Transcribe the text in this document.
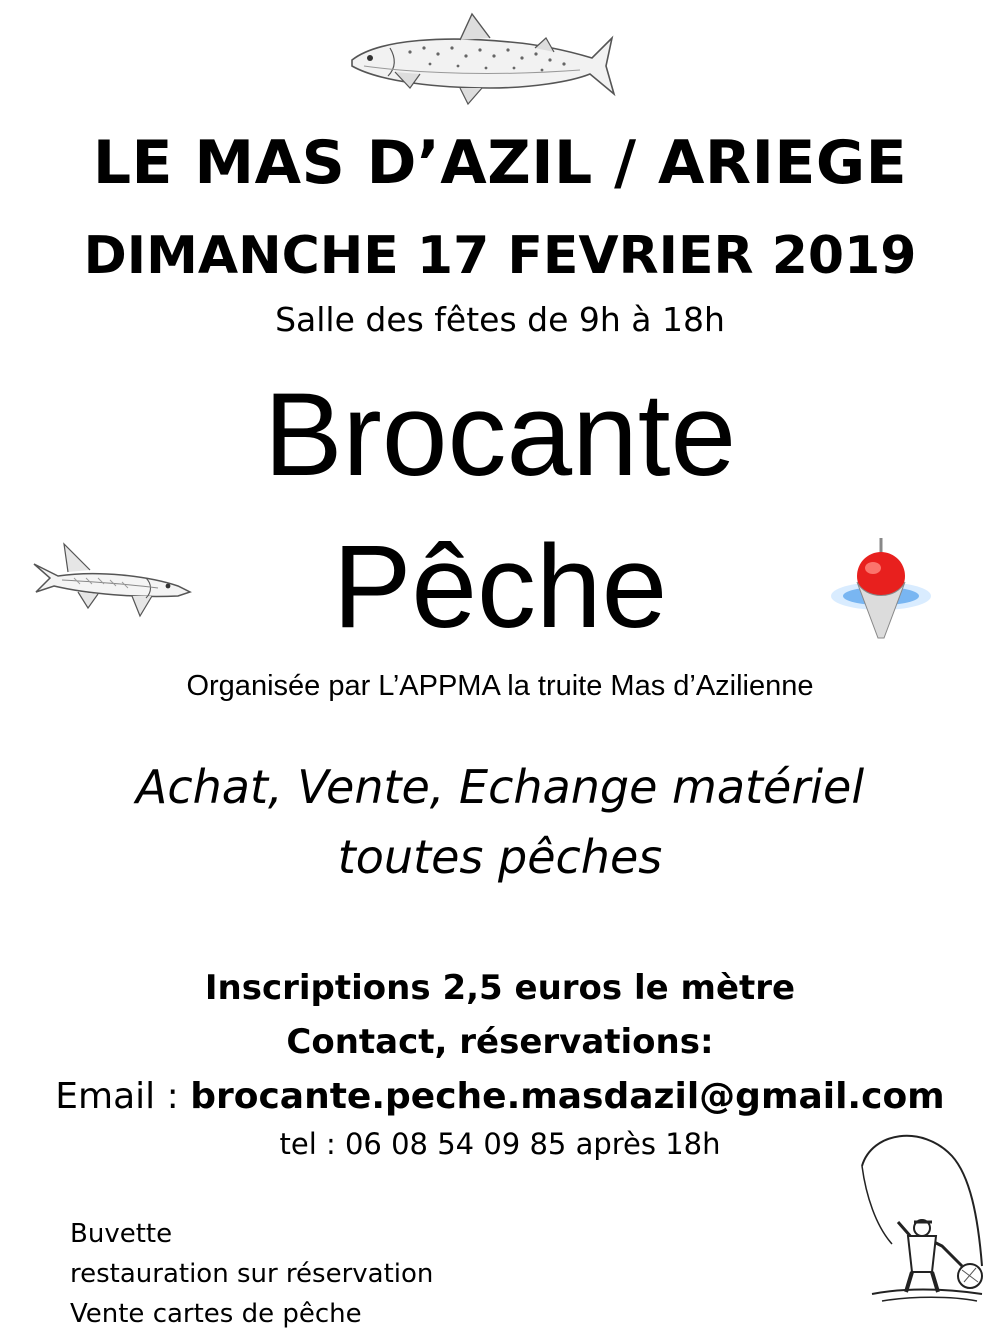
LE MAS D’AZIL / ARIEGE
DIMANCHE 17 FEVRIER 2019
Salle des fêtes de 9h à 18h
Brocante
Pêche
Organisée par L’APPMA la truite Mas d’Azilienne
Achat, Vente, Echange matériel
toutes pêches
Inscriptions 2,5 euros le mètre
Contact, réservations:
Email : brocante.peche.masdazil@gmail.com
tel : 06 08 54 09 85 après 18h
Buvette
restauration sur réservation
Vente cartes de pêche
